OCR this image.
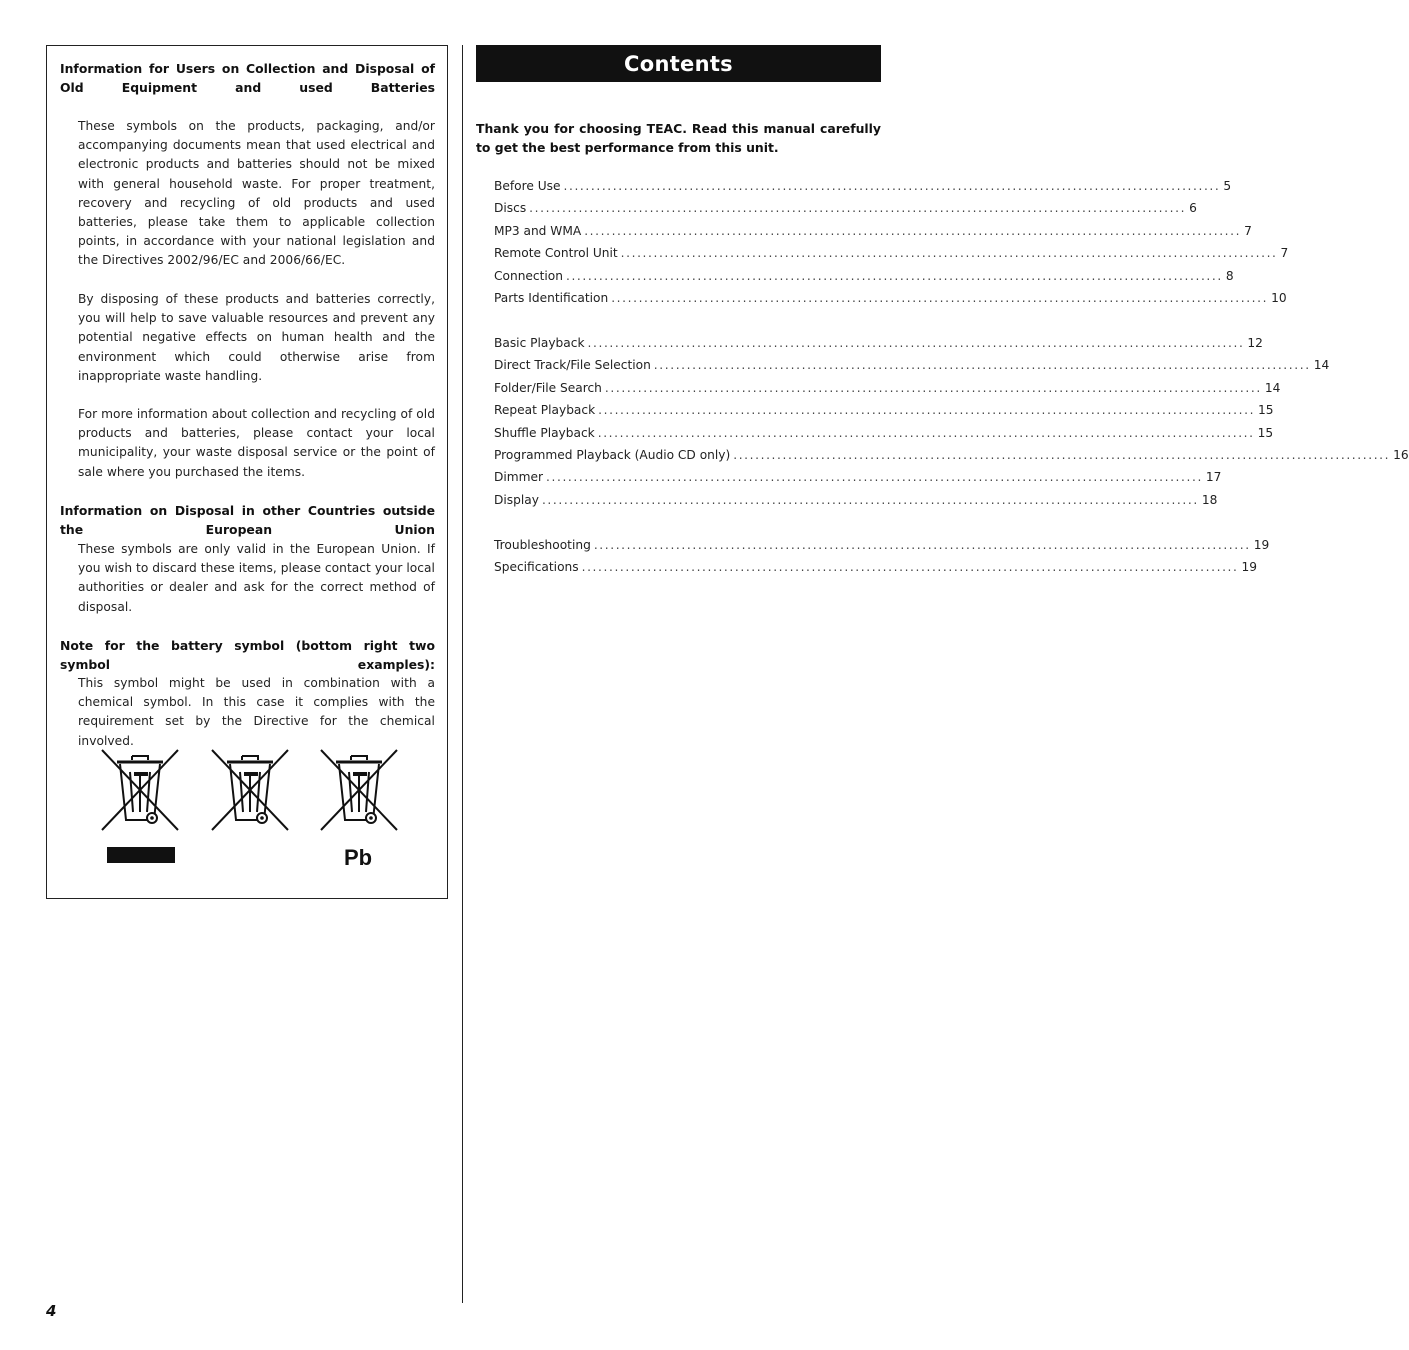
Information for Users on Collection and Disposal of Old Equipment and used Batteries
These symbols on the products, packaging, and/or accompanying documents mean that used electrical and electronic products and batteries should not be mixed with general household waste. For proper treatment, recovery and recycling of old products and used batteries, please take them to applicable collection points, in accordance with your national legislation and the Directives 2002/96/EC and 2006/66/EC.
By disposing of these products and batteries correctly, you will help to save valuable resources and prevent any potential negative effects on human health and the environment which could otherwise arise from inappropriate waste handling.
For more information about collection and recycling of old products and batteries, please contact your local municipality, your waste disposal service or the point of sale where you purchased the items.
Information on Disposal in other Countries outside the European Union
These symbols are only valid in the European Union. If you wish to discard these items, please contact your local authorities or dealer and ask for the correct method of disposal.
Note for the battery symbol (bottom right two symbol examples):
This symbol might be used in combination with a chemical symbol. In this case it complies with the requirement set by the Directive for the chemical involved.
Pb
Contents
Thank you for choosing TEAC. Read this manual carefully to get the best performance from this unit.
Before Use ........................................................................................................................ 5
Discs ........................................................................................................................ 6
MP3 and WMA ........................................................................................................................ 7
Remote Control Unit ........................................................................................................................ 7
Connection ........................................................................................................................ 8
Parts Identification ........................................................................................................................ 10
Basic Playback ........................................................................................................................ 12
Direct Track/File Selection ........................................................................................................................ 14
Folder/File Search ........................................................................................................................ 14
Repeat Playback ........................................................................................................................ 15
Shuffle Playback ........................................................................................................................ 15
Programmed Playback (Audio CD only) ........................................................................................................................ 16
Dimmer ........................................................................................................................ 17
Display ........................................................................................................................ 18
Troubleshooting ........................................................................................................................ 19
Specifications ........................................................................................................................ 19
4
